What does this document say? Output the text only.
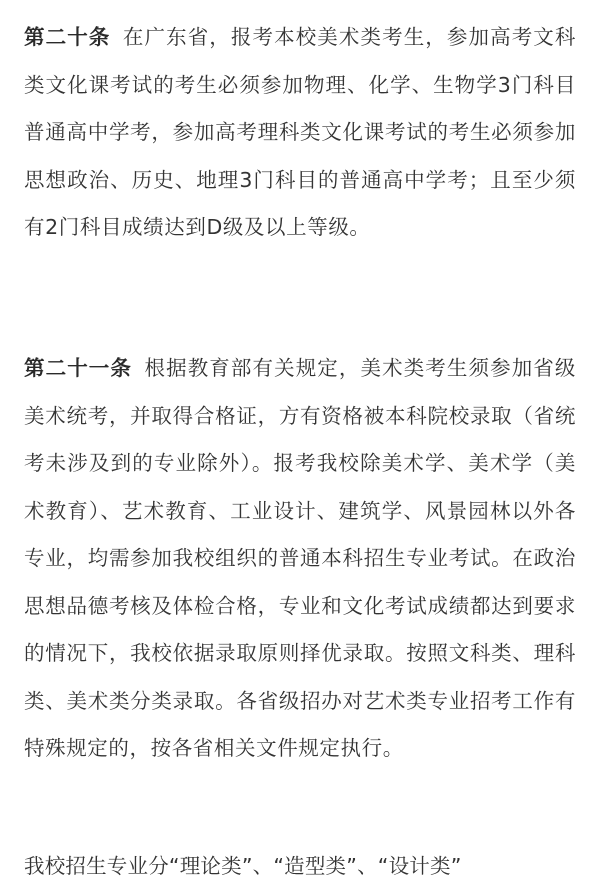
第二十条 在广东省，报考本校美术类考生，参加高考文科类文化课考试的考生必须参加物理、化学、生物学3门科目普通高中学考，参加高考理科类文化课考试的考生必须参加思想政治、历史、地理3门科目的普通高中学考；且至少须有2门科目成绩达到D级及以上等级。

第二十一条 根据教育部有关规定，美术类考生须参加省级美术统考，并取得合格证，方有资格被本科院校录取（省统考未涉及到的专业除外）。报考我校除美术学、美术学（美术教育）、艺术教育、工业设计、建筑学、风景园林以外各专业，均需参加我校组织的普通本科招生专业考试。在政治思想品德考核及体检合格，专业和文化考试成绩都达到要求的情况下，我校依据录取原则择优录取。按照文科类、理科类、美术类分类录取。各省级招办对艺术类专业招考工作有特殊规定的，按各省相关文件规定执行。

我校招生专业分“理论类”、“造型类”、“设计类”
